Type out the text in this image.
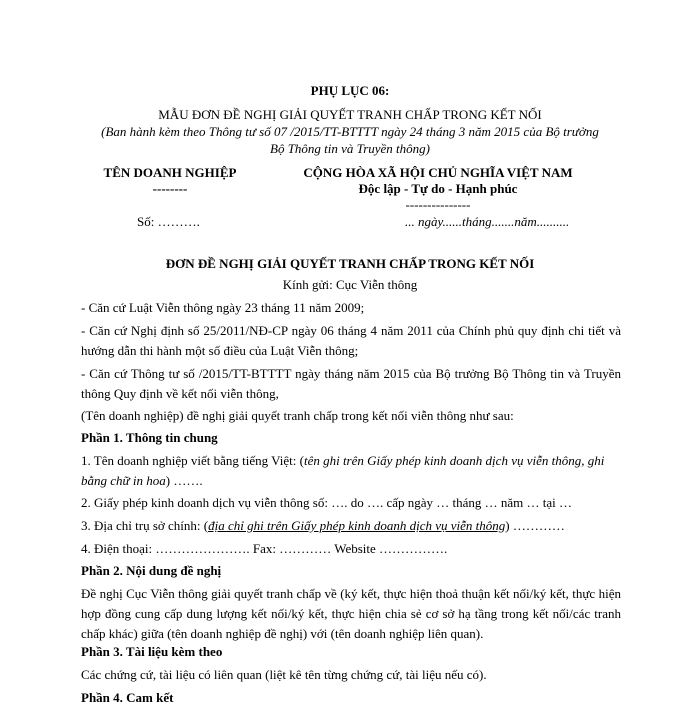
PHỤ LỤC 06:
MẪU ĐƠN ĐỀ NGHỊ GIẢI QUYẾT TRANH CHẤP TRONG KẾT NỐI
(Ban hành kèm theo Thông tư số 07 /2015/TT-BTTTT ngày 24 tháng 3 năm 2015 của Bộ trưởng
Bộ Thông tin và Truyền thông)
TÊN DOANH NGHIỆP
--------
Số: ……….
CỘNG HÒA XÃ HỘI CHỦ NGHĨA VIỆT NAM
Độc lập - Tự do - Hạnh phúc
---------------
... ngày......tháng.......năm..........
ĐƠN ĐỀ NGHỊ GIẢI QUYẾT TRANH CHẤP TRONG KẾT NỐI
Kính gửi: Cục Viễn thông
- Căn cứ Luật Viễn thông ngày 23 tháng 11 năm 2009;
- Căn cứ Nghị định số 25/2011/NĐ-CP ngày 06 tháng 4 năm 2011 của Chính phủ quy định chi tiết và hướng dẫn thi hành một số điều của Luật Viễn thông;
- Căn cứ Thông tư số /2015/TT-BTTTT ngày tháng năm 2015 của Bộ trưởng Bộ Thông tin và Truyền thông Quy định về kết nối viễn thông,
(Tên doanh nghiệp) đề nghị giải quyết tranh chấp trong kết nối viễn thông như sau:
Phần 1. Thông tin chung
1. Tên doanh nghiệp viết bằng tiếng Việt: (tên ghi trên Giấy phép kinh doanh dịch vụ viễn thông, ghi bằng chữ in hoa) …….
2. Giấy phép kinh doanh dịch vụ viễn thông số: …. do …. cấp ngày … tháng … năm … tại …
3. Địa chỉ trụ sở chính: (địa chỉ ghi trên Giấy phép kinh doanh dịch vụ viễn thông) …………
4. Điện thoại: …………………. Fax: ………… Website …………….
Phần 2. Nội dung đề nghị
Đề nghị Cục Viễn thông giải quyết tranh chấp về (ký kết, thực hiện thoả thuận kết nối/ký kết, thực hiện hợp đồng cung cấp dung lượng kết nối/ký kết, thực hiện chia sẻ cơ sở hạ tầng trong kết nối/các tranh chấp khác) giữa (tên doanh nghiệp đề nghị) với (tên doanh nghiệp liên quan).
Phần 3. Tài liệu kèm theo
Các chứng cứ, tài liệu có liên quan (liệt kê tên từng chứng cứ, tài liệu nếu có).
Phần 4. Cam kết
